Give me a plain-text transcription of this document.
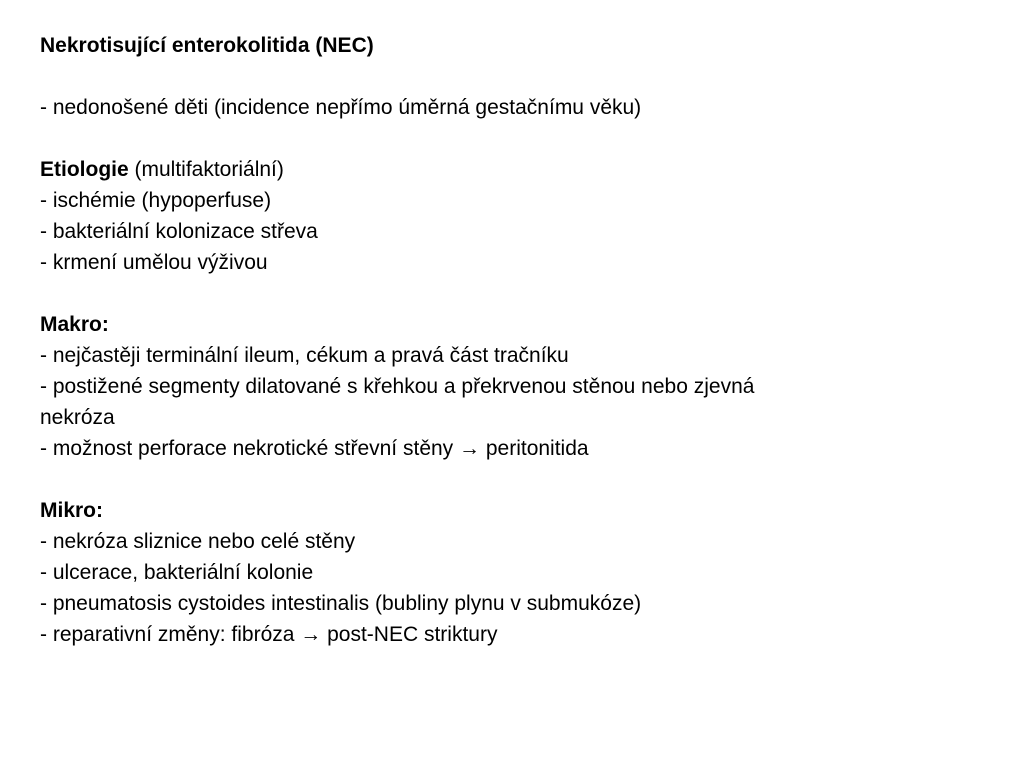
Nekrotisující enterokolitida (NEC)
- nedonošené děti (incidence nepřímo úměrná gestačnímu věku)
Etiologie (multifaktoriální)
- ischémie (hypoperfuse)
- bakteriální kolonizace střeva
- krmení umělou výživou
Makro:
- nejčastěji terminální ileum, cékum a pravá část tračníku
- postižené segmenty dilatované s křehkou a překrvenou stěnou nebo zjevná
nekróza
- možnost perforace nekrotické střevní stěny → peritonitida
Mikro:
- nekróza sliznice nebo celé stěny
- ulcerace, bakteriální kolonie
- pneumatosis cystoides intestinalis (bubliny plynu v submukóze)
- reparativní změny: fibróza → post-NEC striktury
